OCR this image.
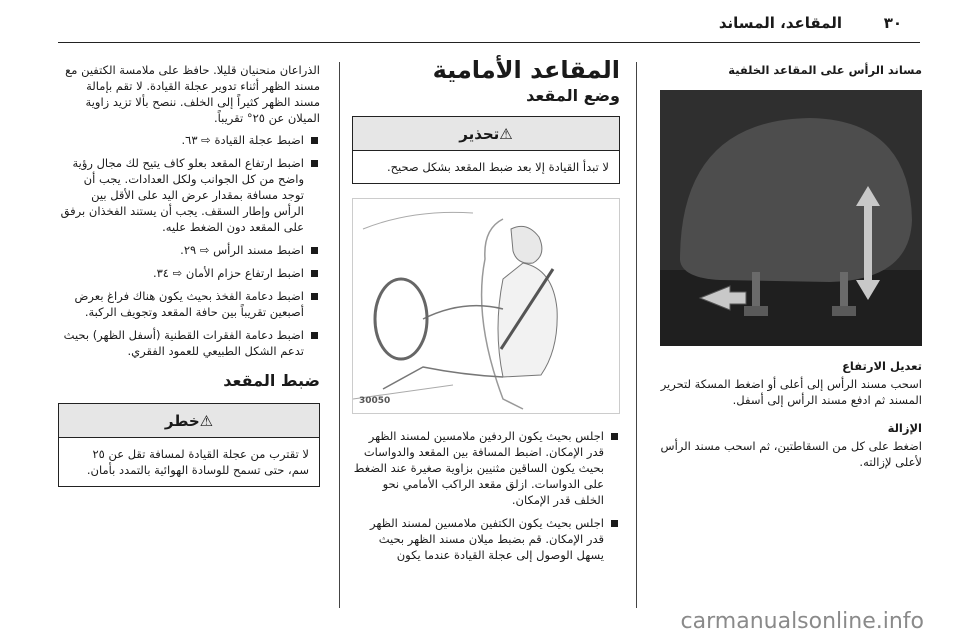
٣٠
المقاعد، المساند
مساند الرأس على المقاعد الخلفية
تعديل الارتفاع
اسحب مسند الرأس إلى أعلى أو اضغط المسكة لتحرير المسند ثم ادفع مسند الرأس إلى أسفل.
الإزالة
اضغط على كل من السقاطتين، ثم اسحب مسند الرأس لأعلى لإزالته.
المقاعد الأمامية
وضع المقعد
⚠تحذير
لا تبدأ القيادة إلا بعد ضبط المقعد بشكل صحيح.
30050
اجلس بحيث يكون الردفين ملامسين لمسند الظهر قدر الإمكان. اضبط المسافة بين المقعد والدواسات بحيث يكون الساقين مثنيين بزاوية صغيرة عند الضغط على الدواسات. ازلق مقعد الراكب الأمامي نحو الخلف قدر الإمكان.
اجلس بحيث يكون الكتفين ملامسين لمسند الظهر قدر الإمكان. قم بضبط ميلان مسند الظهر بحيث يسهل الوصول إلى عجلة القيادة عندما يكون
الذراعان منحنيان قليلا. حافظ على ملامسة الكتفين مع مسند الظهر أثناء تدوير عجلة القيادة. لا تقم بإمالة مسند الظهر كثيراً إلى الخلف. ننصح بألا تزيد زاوية الميلان عن ٢٥° تقريباً.
اضبط عجلة القيادة ⇨ ٦٣.
اضبط ارتفاع المقعد بعلو كاف يتيح لك مجال رؤية واضح من كل الجوانب ولكل العدادات. يجب أن توجد مسافة بمقدار عرض اليد على الأقل بين الرأس وإطار السقف. يجب أن يستند الفخذان برفق على المقعد دون الضغط عليه.
اضبط مسند الرأس ⇨ ٢٩.
اضبط ارتفاع حزام الأمان ⇨ ٣٤.
اضبط دعامة الفخذ بحيث يكون هناك فراغ بعرض أصبعين تقريباً بين حافة المقعد وتجويف الركبة.
اضبط دعامة الفقرات القطنية (أسفل الظهر) بحيث تدعم الشكل الطبيعي للعمود الفقري.
ضبط المقعد
⚠خطر
لا تقترب من عجلة القيادة لمسافة تقل عن ٢٥ سم، حتى تسمح للوسادة الهوائية بالتمدد بأمان.
carmanualsonline.info
